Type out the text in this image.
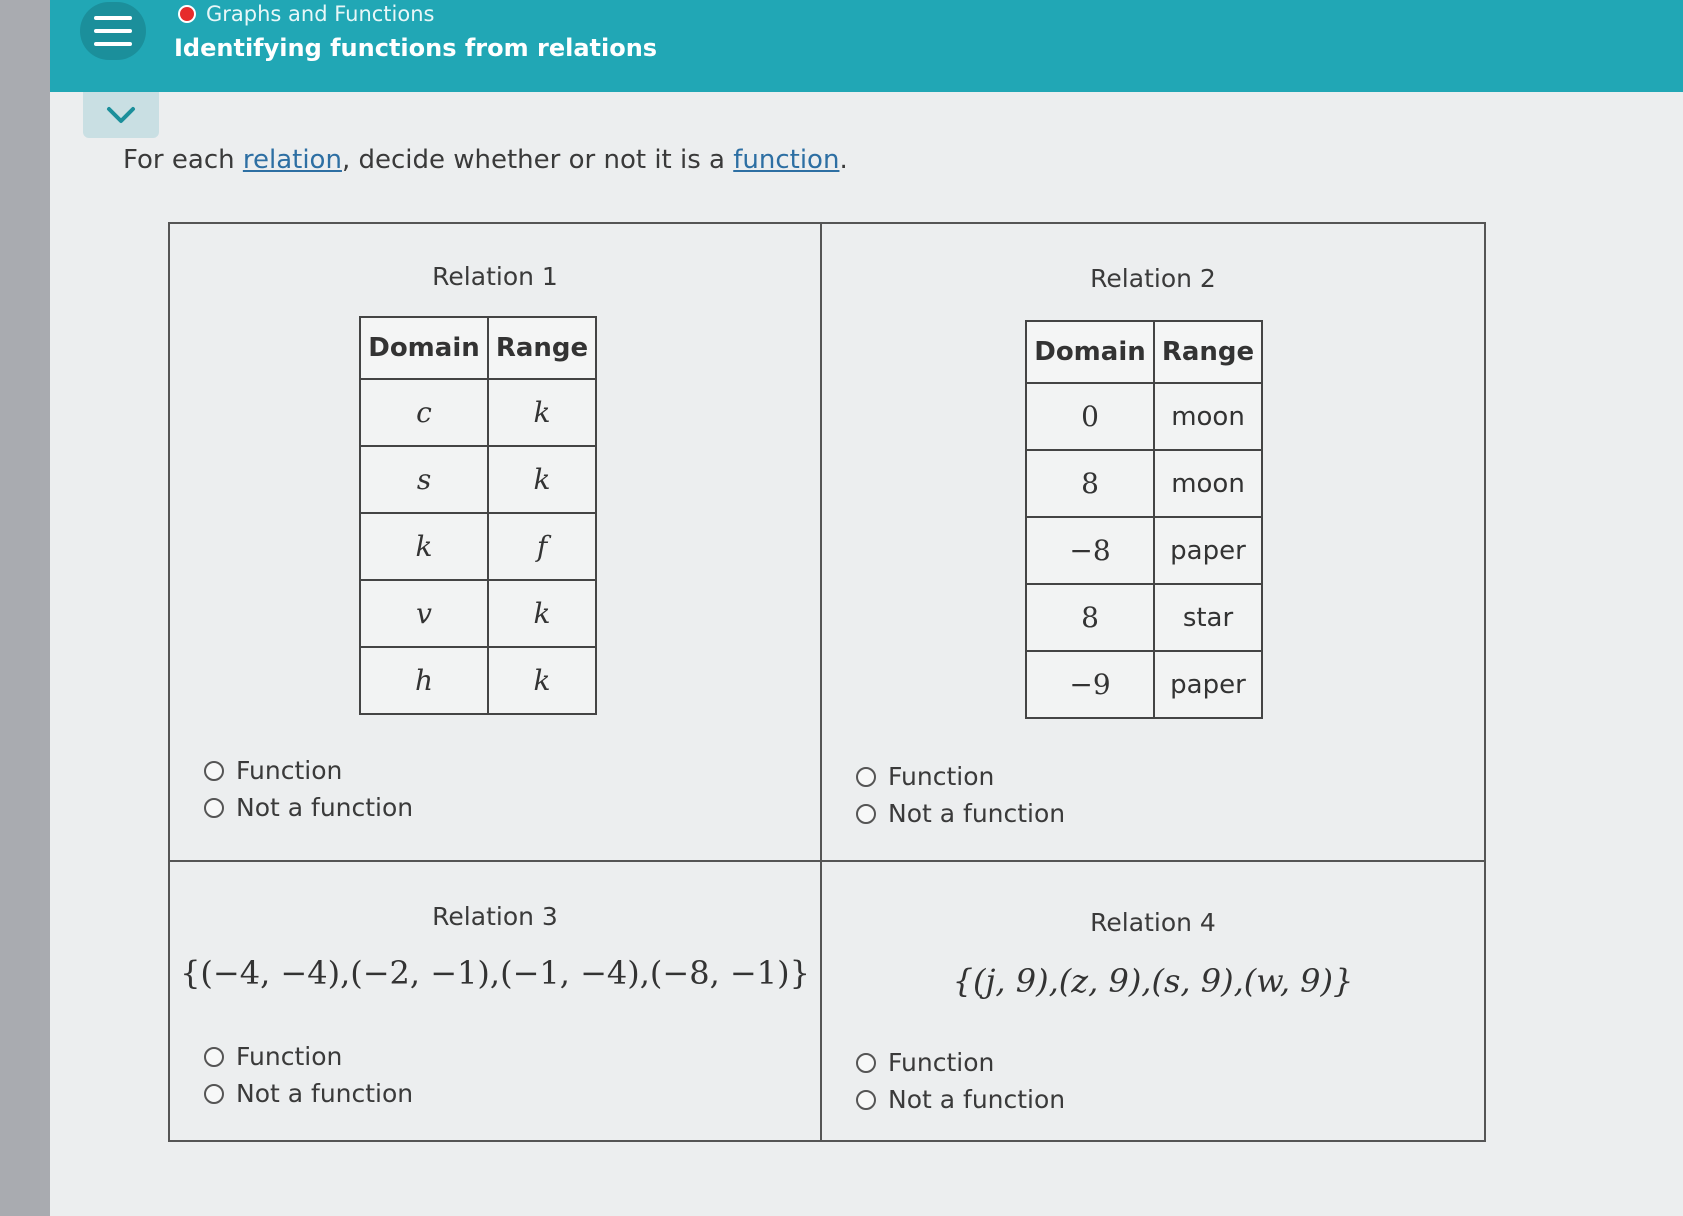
Graphs and Functions
Identifying functions from relations
For each relation, decide whether or not it is a function.
Relation 1
Domain	Range
c	k
s	k
k	f
v	k
h	k
Function
Not a function
Relation 2
Domain	Range
0	moon
8	moon
−8	paper
8	star
−9	paper
Function
Not a function
Relation 3
{(−4, −4),(−2, −1),(−1, −4),(−8, −1)}
Function
Not a function
Relation 4
{(j, 9),(z, 9),(s, 9),(w, 9)}
Function
Not a function
